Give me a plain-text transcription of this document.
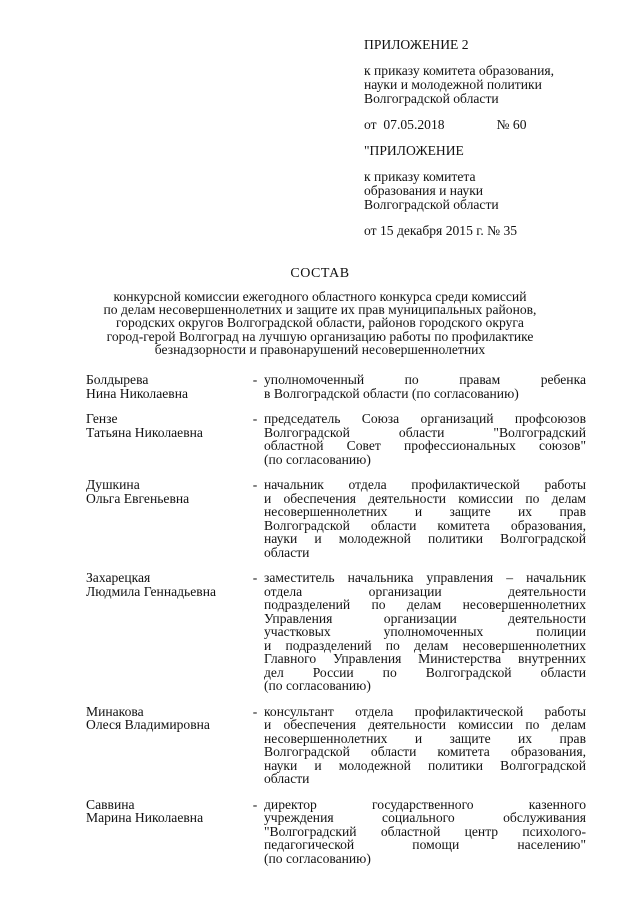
ПРИЛОЖЕНИЕ 2
к приказу комитета образования,
науки и молодежной политики
Волгоградской области
от
07.05.2018	№ 60
"ПРИЛОЖЕНИЕ
к приказу комитета
образования и науки
Волгоградской области
от 15 декабря 2015 г. № 35
СОСТАВ
конкурсной комиссии ежегодного областного конкурса среди комиссий
по делам несовершеннолетних и защите их прав муниципальных районов,
городских округов Волгоградской области, районов городского округа
город-герой Волгоград на лучшую организацию работы по профилактике
безнадзорности и правонарушений несовершеннолетних
Болдырева
Нина Николаевна
- уполномоченный по правам ребенка
в Волгоградской области (по согласованию)
Гензе
Татьяна Николаевна
- председатель Союза организаций профсоюзов
Волгоградской области "Волгоградский
областной Совет профессиональных союзов"
(по согласованию)
Душкина
Ольга Евгеньевна
- начальник отдела профилактической работы
и обеспечения деятельности комиссии по делам
несовершеннолетних и защите их прав
Волгоградской области комитета образования,
науки и молодежной политики Волгоградской
области
Захарецкая
Людмила Геннадьевна
- заместитель начальника управления – начальник
отдела организации деятельности
подразделений по делам несовершеннолетних
Управления организации деятельности
участковых уполномоченных полиции
и подразделений по делам несовершеннолетних
Главного Управления Министерства внутренних
дел России по Волгоградской области
(по согласованию)
Минакова
Олеся Владимировна
- консультант отдела профилактической работы
и обеспечения деятельности комиссии по делам
несовершеннолетних и защите их прав
Волгоградской области комитета образования,
науки и молодежной политики Волгоградской
области
Саввина
Марина Николаевна
- директор государственного казенного
учреждения социального обслуживания
"Волгоградский областной центр психолого-
педагогической помощи населению"
(по согласованию)
